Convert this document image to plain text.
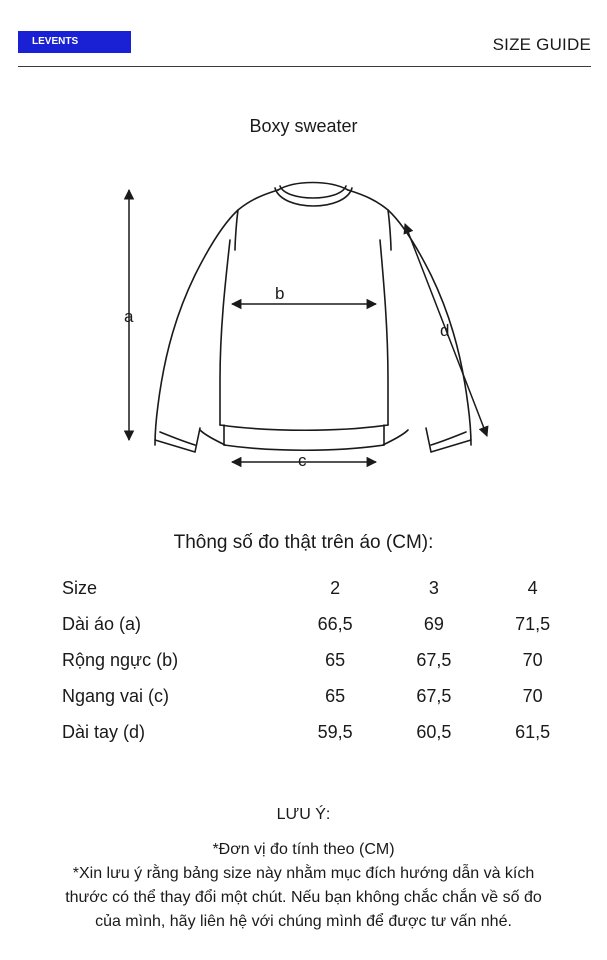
LEVENTS	SIZE GUIDE
Boxy sweater
a
b
c
d
Thông số đo thật trên áo (CM):
Size	2	3	4
Dài áo (a)	66,5	69	71,5
Rộng ngực (b)	65	67,5	70
Ngang vai (c)	65	67,5	70
Dài tay (d)	59,5	60,5	61,5
LƯU Ý:

*Đơn vị đo tính theo (CM)

*Xin lưu ý rằng bảng size này nhằm mục đích hướng dẫn và kích

thước có thể thay đổi một chút. Nếu bạn không chắc chắn về số đo

của mình, hãy liên hệ với chúng mình để được tư vấn nhé.
